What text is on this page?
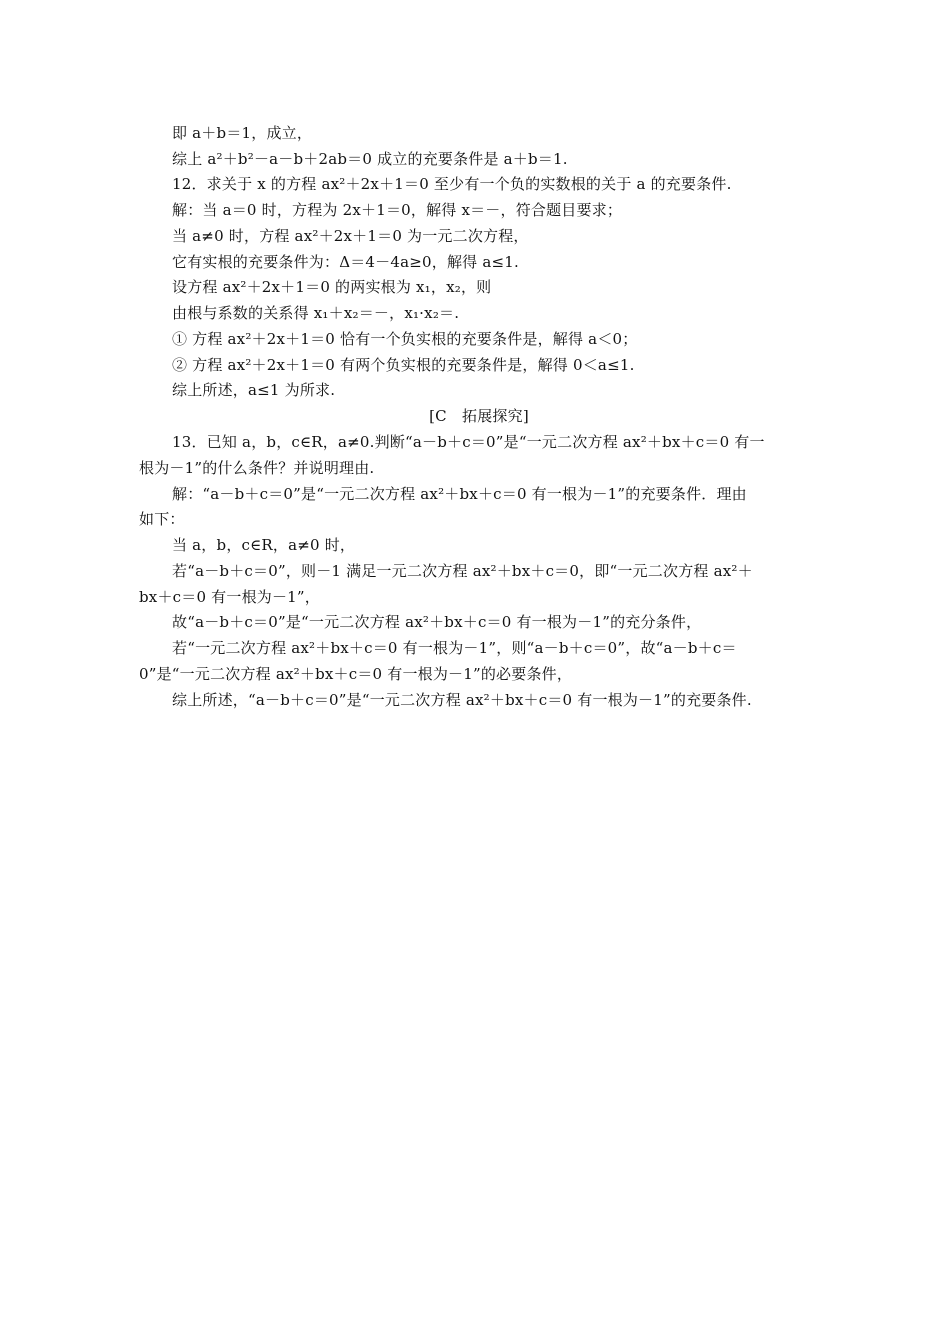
即 a＋b＝1，成立，
综上 a²＋b²－a－b＋2ab＝0 成立的充要条件是 a＋b＝1.
12．求关于 x 的方程 ax²＋2x＋1＝0 至少有一个负的实数根的关于 a 的充要条件.
解：当 a＝0 时，方程为 2x＋1＝0，解得 x＝－，符合题目要求；
当 a≠0 时，方程 ax²＋2x＋1＝0 为一元二次方程，
它有实根的充要条件为：Δ＝4－4a≥0，解得 a≤1.
设方程 ax²＋2x＋1＝0 的两实根为 x₁，x₂，则
由根与系数的关系得 x₁＋x₂＝－，x₁·x₂＝.
① 方程 ax²＋2x＋1＝0 恰有一个负实根的充要条件是，解得 a＜0；
② 方程 ax²＋2x＋1＝0 有两个负实根的充要条件是，解得 0＜a≤1.
综上所述，a≤1 为所求.
[C　拓展探究]
13．已知 a，b，c∈R，a≠0.判断“a－b＋c＝0”是“一元二次方程 ax²＋bx＋c＝0 有一
根为－1”的什么条件？并说明理由.
解：“a－b＋c＝0”是“一元二次方程 ax²＋bx＋c＝0 有一根为－1”的充要条件．理由
如下：
当 a，b，c∈R，a≠0 时，
若“a－b＋c＝0”，则－1 满足一元二次方程 ax²＋bx＋c＝0，即“一元二次方程 ax²＋
bx＋c＝0 有一根为－1”，
故“a－b＋c＝0”是“一元二次方程 ax²＋bx＋c＝0 有一根为－1”的充分条件，
若“一元二次方程 ax²＋bx＋c＝0 有一根为－1”，则“a－b＋c＝0”，故“a－b＋c＝
0”是“一元二次方程 ax²＋bx＋c＝0 有一根为－1”的必要条件，
综上所述，“a－b＋c＝0”是“一元二次方程 ax²＋bx＋c＝0 有一根为－1”的充要条件.
